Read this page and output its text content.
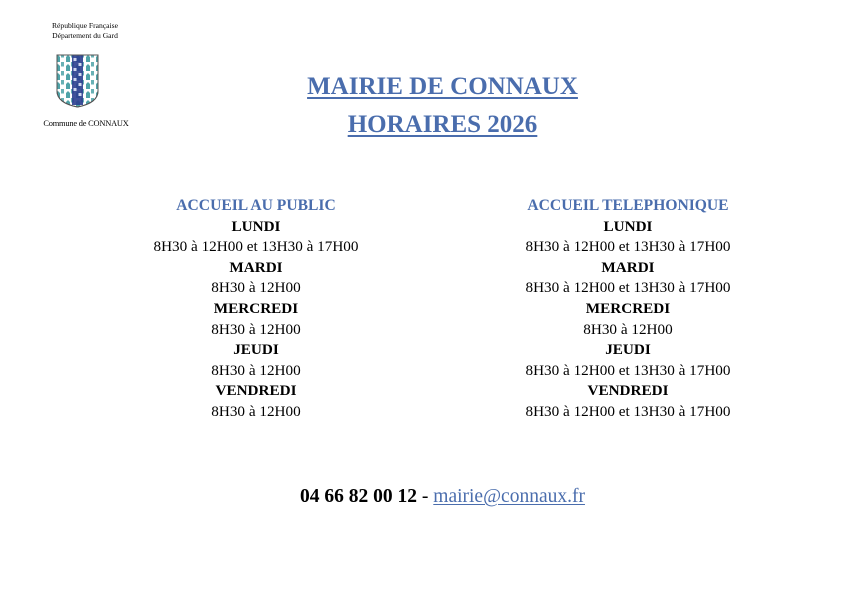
République Française
Département du Gard
Commune de CONNAUX
MAIRIE DE CONNAUX
HORAIRES 2026
ACCUEIL AU PUBLIC
LUNDI
8H30 à 12H00 et 13H30 à 17H00
MARDI
8H30 à 12H00
MERCREDI
8H30 à 12H00
JEUDI
8H30 à 12H00
VENDREDI
8H30 à 12H00
ACCUEIL TELEPHONIQUE
LUNDI
8H30 à 12H00 et 13H30 à 17H00
MARDI
8H30 à 12H00 et 13H30 à 17H00
MERCREDI
8H30 à 12H00
JEUDI
8H30 à 12H00 et 13H30 à 17H00
VENDREDI
8H30 à 12H00 et 13H30 à 17H00
04 66 82 00 12 - mairie@connaux.fr
